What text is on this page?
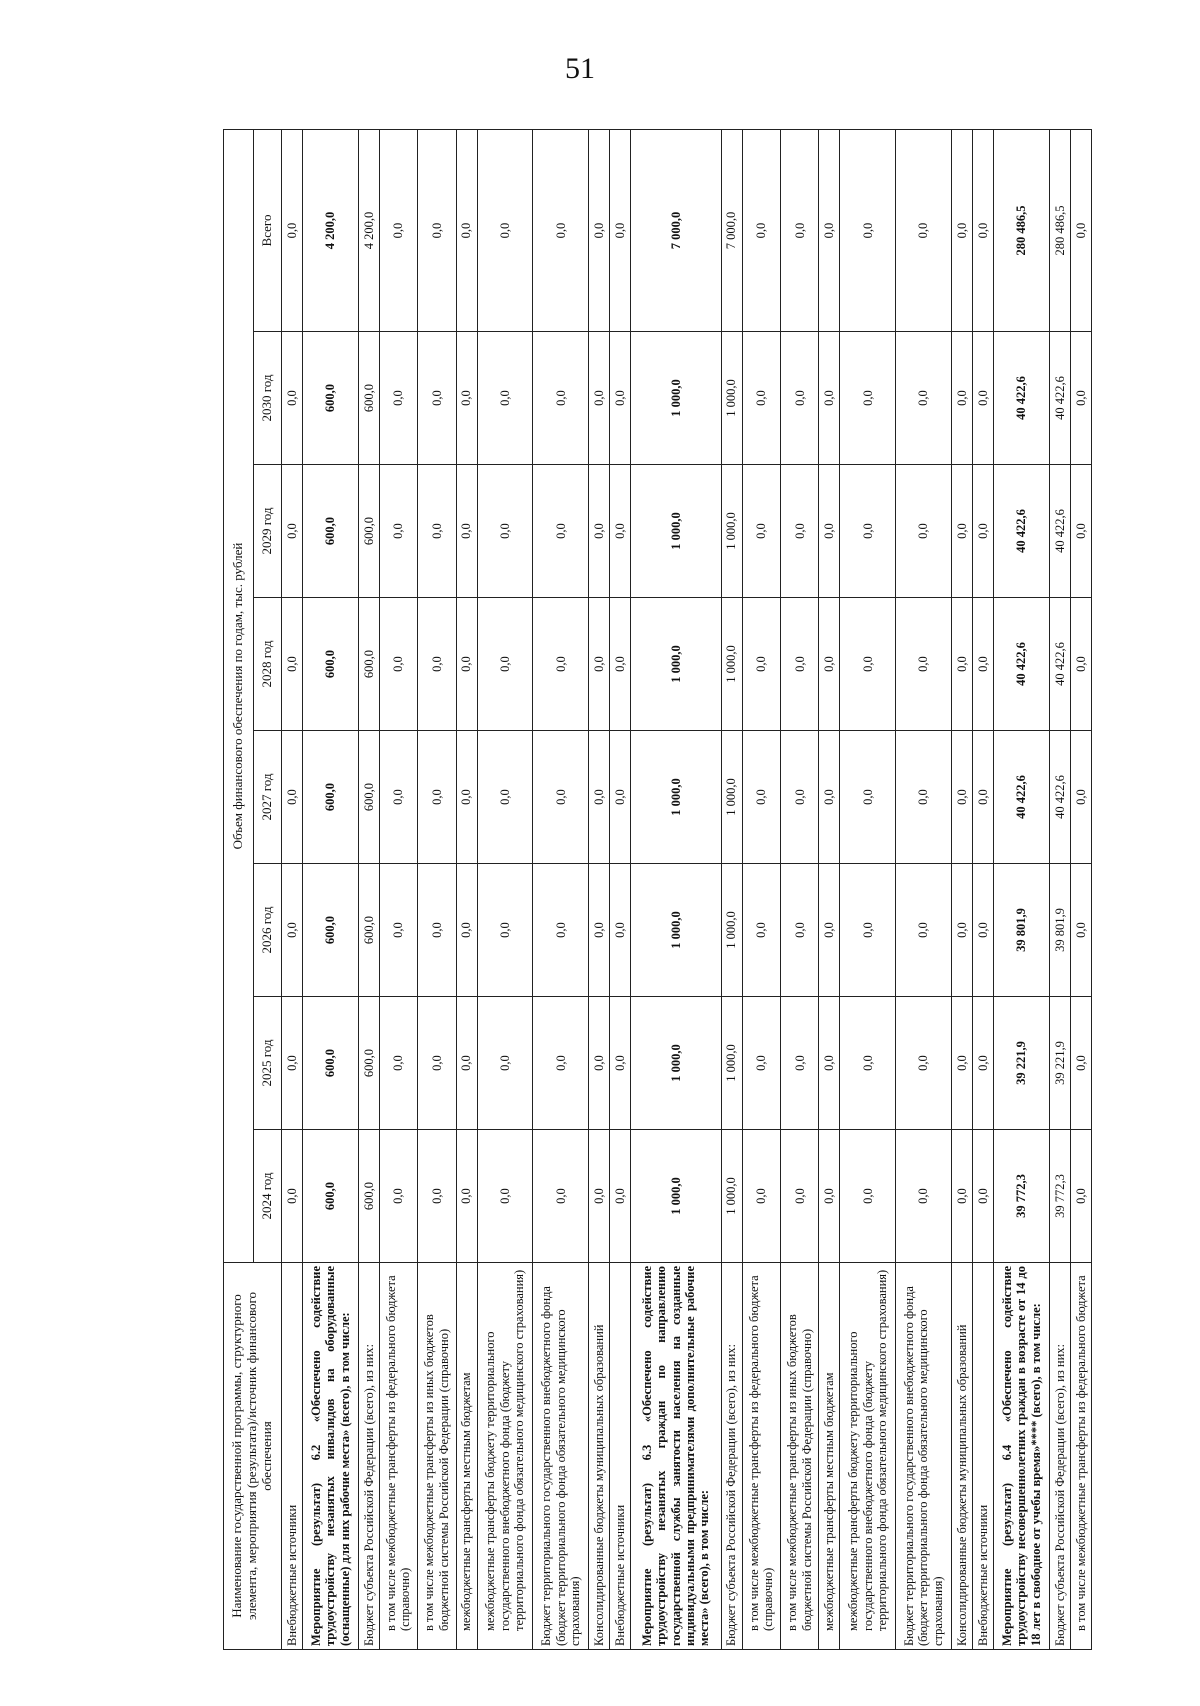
51
Наименование государственной программы, структурного элемента, мероприятия (результата)/источник финансового обеспечения	Объем финансового обеспечения по годам, тыс. рублей							
	2024 год	2025 год	2026 год	2027 год	2028 год	2029 год	2030 год	Всего
Внебюджетные источники	0,0	0,0	0,0	0,0	0,0	0,0	0,0	0,0
Мероприятие (результат) 6.2 «Обеспечено содействие трудоустройству незанятых инвалидов на оборудованные (оснащенные) для них рабочие места» (всего), в том числе:	600,0	600,0	600,0	600,0	600,0	600,0	600,0	4 200,0
Бюджет субъекта Российской Федерации (всего), из них:	600,0	600,0	600,0	600,0	600,0	600,0	600,0	4 200,0
в том числе межбюджетные трансферты из федерального бюджета (справочно)	0,0	0,0	0,0	0,0	0,0	0,0	0,0	0,0
в том числе межбюджетные трансферты из иных бюджетов бюджетной системы Российской Федерации (справочно)	0,0	0,0	0,0	0,0	0,0	0,0	0,0	0,0
межбюджетные трансферты местным бюджетам	0,0	0,0	0,0	0,0	0,0	0,0	0,0	0,0
межбюджетные трансферты бюджету территориального государственного внебюджетного фонда (бюджету территориального фонда обязательного медицинского страхования)	0,0	0,0	0,0	0,0	0,0	0,0	0,0	0,0
Бюджет территориального государственного внебюджетного фонда (бюджет территориального фонда обязательного медицинского страхования)	0,0	0,0	0,0	0,0	0,0	0,0	0,0	0,0
Консолидированные бюджеты муниципальных образований	0,0	0,0	0,0	0,0	0,0	0,0	0,0	0,0
Внебюджетные источники	0,0	0,0	0,0	0,0	0,0	0,0	0,0	0,0
Мероприятие (результат) 6.3 «Обеспечено содействие трудоустройству незанятых граждан по направлению государственной службы занятости населения на созданные индивидуальными предпринимателями дополнительные рабочие места» (всего), в том числе:	1 000,0	1 000,0	1 000,0	1 000,0	1 000,0	1 000,0	1 000,0	7 000,0
Бюджет субъекта Российской Федерации (всего), из них:	1 000,0	1 000,0	1 000,0	1 000,0	1 000,0	1 000,0	1 000,0	7 000,0
в том числе межбюджетные трансферты из федерального бюджета (справочно)	0,0	0,0	0,0	0,0	0,0	0,0	0,0	0,0
в том числе межбюджетные трансферты из иных бюджетов бюджетной системы Российской Федерации (справочно)	0,0	0,0	0,0	0,0	0,0	0,0	0,0	0,0
межбюджетные трансферты местным бюджетам	0,0	0,0	0,0	0,0	0,0	0,0	0,0	0,0
межбюджетные трансферты бюджету территориального государственного внебюджетного фонда (бюджету территориального фонда обязательного медицинского страхования)	0,0	0,0	0,0	0,0	0,0	0,0	0,0	0,0
Бюджет территориального государственного внебюджетного фонда (бюджет территориального фонда обязательного медицинского страхования)	0,0	0,0	0,0	0,0	0,0	0,0	0,0	0,0
Консолидированные бюджеты муниципальных образований	0,0	0,0	0,0	0,0	0,0	0,0	0,0	0,0
Внебюджетные источники	0,0	0,0	0,0	0,0	0,0	0,0	0,0	0,0
Мероприятие (результат) 6.4 «Обеспечено содействие трудоустройству несовершеннолетних граждан в возрасте от 14 до 18 лет в свободное от учебы время»**** (всего), в том числе:	39 772,3	39 221,9	39 801,9	40 422,6	40 422,6	40 422,6	40 422,6	280 486,5
Бюджет субъекта Российской Федерации (всего), из них:	39 772,3	39 221,9	39 801,9	40 422,6	40 422,6	40 422,6	40 422,6	280 486,5
в том числе межбюджетные трансферты из федерального бюджета	0,0	0,0	0,0	0,0	0,0	0,0	0,0	0,0
